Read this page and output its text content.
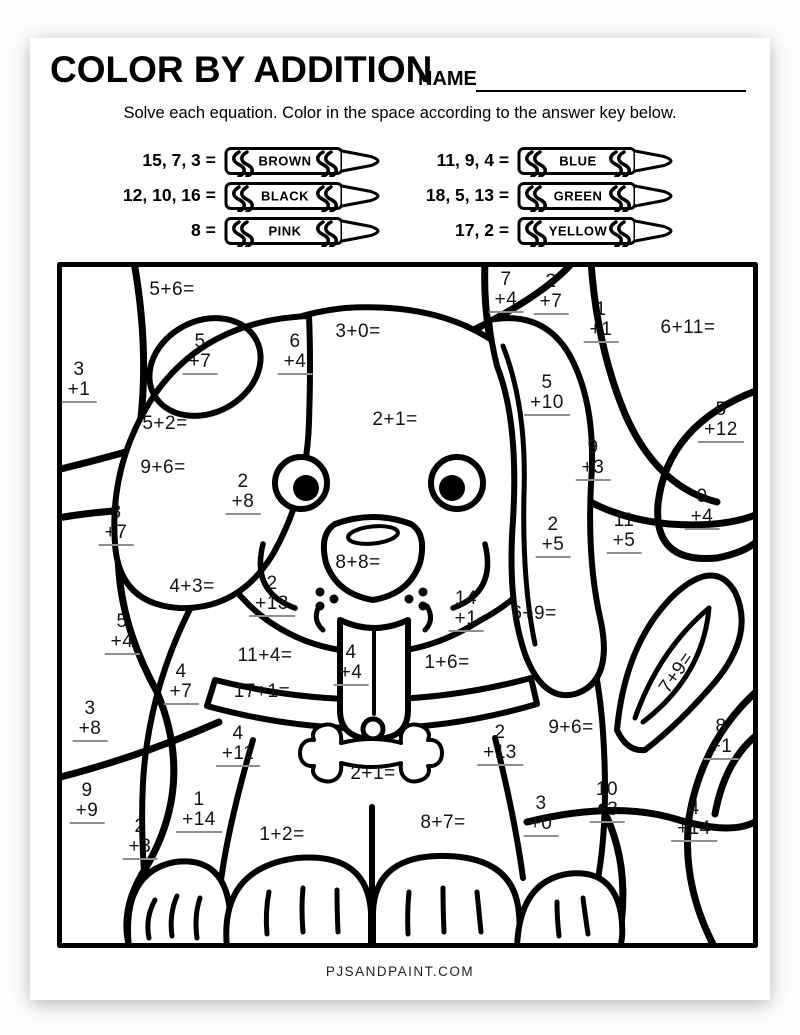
COLOR BY ADDITION
NAME
Solve each equation. Color in the space according to the answer key below.
15, 7, 3 =	BROWN
12, 10, 16 =	BLACK
8 =	PINK
11, 9, 4 =	BLUE
18, 5, 13 =	GREEN
17, 2 =	YELLOW
7
+4
2
+7	1
+1
5
+7
6
+4
3
+1	5
+10	5
+12
9
+3
2
+8	0
+4
8
+7
11
+5
2
+5
2
+13	14
+1
5
+4
4
+4
4
+7
3
+8	8
+1
2
+13
4
+11
10
+3
9
+9	1
+14	4
+14
3
+0
2
+3
5+6=
3+0=	6+11=
2+1=
5+2=
9+6=
8+8=
4+3=
6+9=
11+4=	1+6=	7+9=
17+1=
9+6=
2+1=
8+7=
1+2=
PJSANDPAINT.COM
